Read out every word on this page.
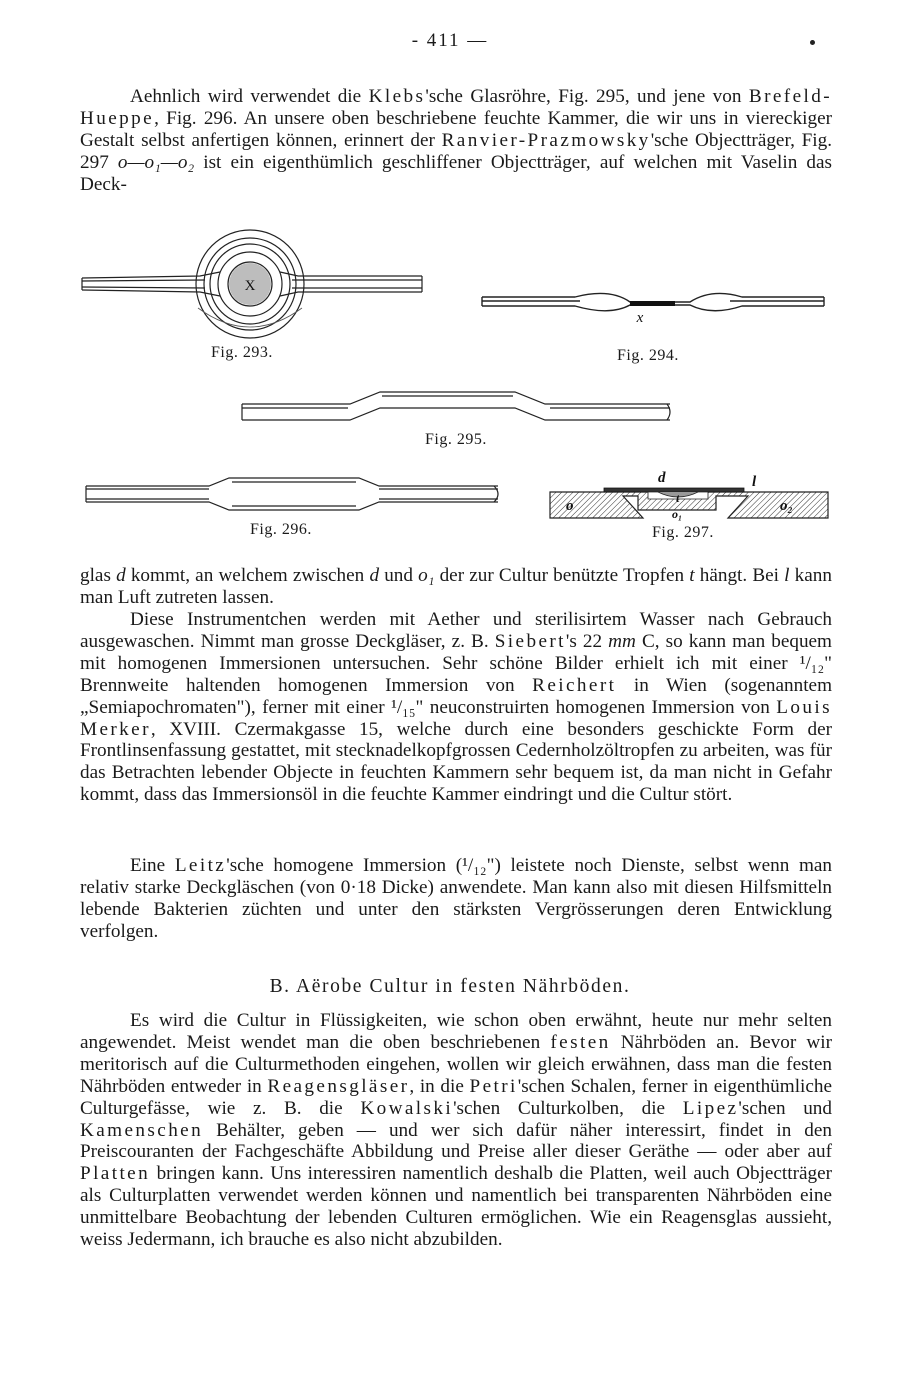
- 411 —

Aehnlich wird verwendet die Klebs'sche Glasröhre, Fig. 295, und jene von Brefeld-Hueppe, Fig. 296. An unsere oben beschriebene feuchte Kammer, die wir uns in viereckiger Gestalt selbst anfertigen können, erinnert der Ranvier-Prazmowsky'sche Objectträger, Fig. 297 o—o₁—o₂ ist ein eigenthümlich geschliffener Objectträger, auf welchen mit Vaselin das Deck-

X
Fig. 293.
x
Fig. 294.
Fig. 295.
Fig. 296.
d	l
t
o	o₁	o₂
Fig. 297.

glas d kommt, an welchem zwischen d und o₁ der zur Cultur benützte Tropfen t hängt. Bei l kann man Luft zutreten lassen.

Diese Instrumentchen werden mit Aether und sterilisirtem Wasser nach Gebrauch ausgewaschen. Nimmt man grosse Deckgläser, z. B. Siebert's 22 mm C, so kann man bequem mit homogenen Immersionen untersuchen. Sehr schöne Bilder erhielt ich mit einer ¹/₁₂" Brennweite haltenden homogenen Immersion von Reichert in Wien (sogenanntem „Semiapochromaten"), ferner mit einer ¹/₁₅" neuconstruirten homogenen Immersion von Louis Merker, XVIII. Czermakgasse 15, welche durch eine besonders geschickte Form der Frontlinsenfassung gestattet, mit stecknadelkopfgrossen Cedernholzöltropfen zu arbeiten, was für das Betrachten lebender Objecte in feuchten Kammern sehr bequem ist, da man nicht in Gefahr kommt, dass das Immersionsöl in die feuchte Kammer eindringt und die Cultur stört.

Eine Leitz'sche homogene Immersion (¹/₁₂") leistete noch Dienste, selbst wenn man relativ starke Deckgläschen (von 0·18 Dicke) anwendete. Man kann also mit diesen Hilfsmitteln lebende Bakterien züchten und unter den stärksten Vergrösserungen deren Entwicklung verfolgen.

B. Aërobe Cultur in festen Nährböden.

Es wird die Cultur in Flüssigkeiten, wie schon oben erwähnt, heute nur mehr selten angewendet. Meist wendet man die oben beschriebenen festen Nährböden an. Bevor wir meritorisch auf die Culturmethoden eingehen, wollen wir gleich erwähnen, dass man die festen Nährböden entweder in Reagensgläser, in die Petri'schen Schalen, ferner in eigenthümliche Culturgefässe, wie z. B. die Kowalski'schen Culturkolben, die Lipez'schen und Kamenschen Behälter, geben — und wer sich dafür näher interessirt, findet in den Preiscouranten der Fachgeschäfte Abbildung und Preise aller dieser Geräthe — oder aber auf Platten bringen kann. Uns interessiren namentlich deshalb die Platten, weil auch Objectträger als Culturplatten verwendet werden können und namentlich bei transparenten Nährböden eine unmittelbare Beobachtung der lebenden Culturen ermöglichen. Wie ein Reagensglas aussieht, weiss Jedermann, ich brauche es also nicht abzubilden.
